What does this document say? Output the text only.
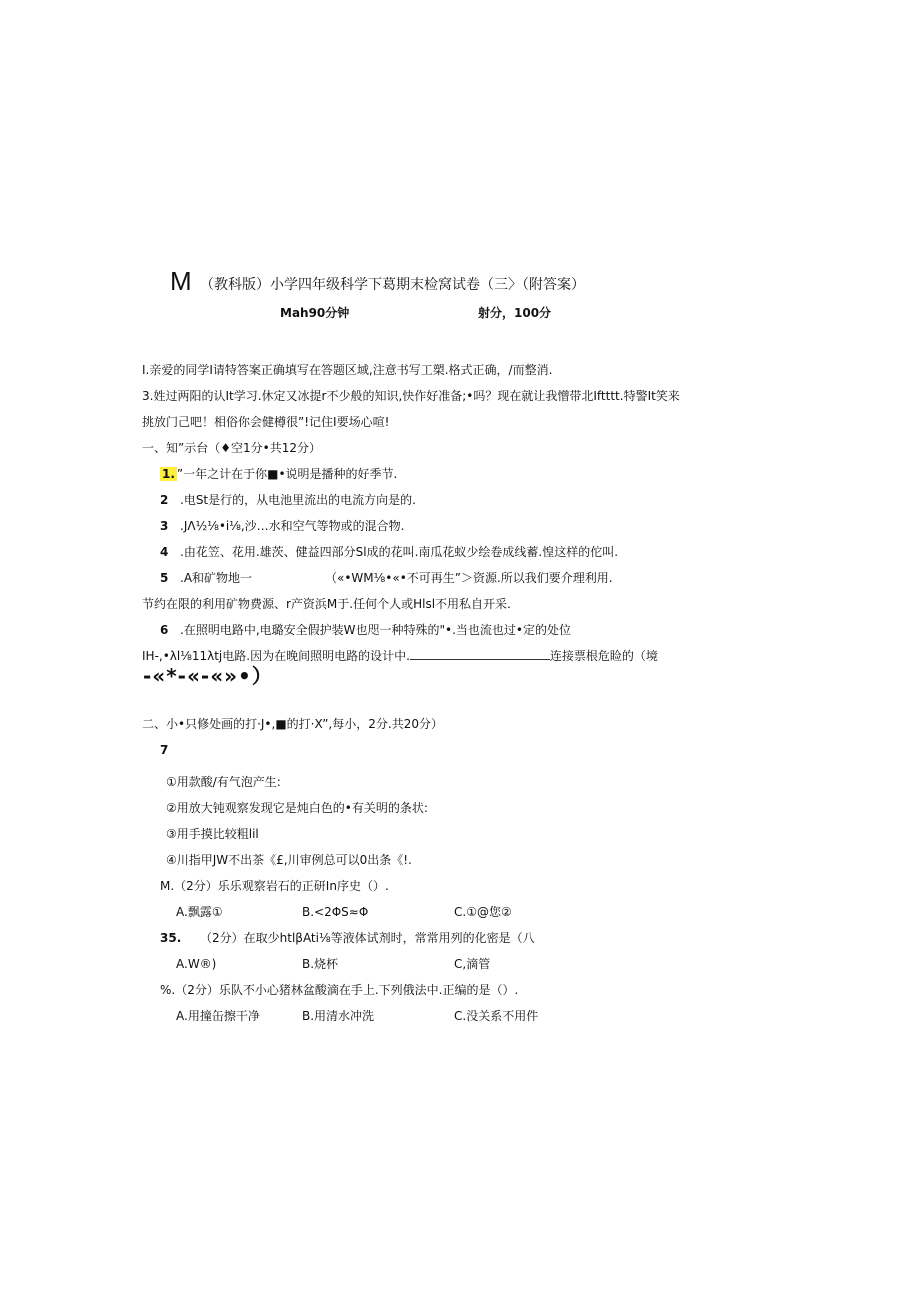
M （教科版）小学四年级科学下葛期末检窝试卷（三〉（附答案）
Mah90分钟	射分，100分
I.亲爱的同学I请特答案正确填写在答题区域,注意书写工槊.格式正确，/而整消.
3.姓过两阳的认It学习.休定又冰提r不少般的知识,快作好准备;•吗？现在就让我憎带北Iftttt.特警It笑来
挑放门己吧！相俗你会健樽很”!记住I要场心喧!
一、知”示台（♦空1分•共12分）
1. ”一年之计在于你■•说明是播种的好季节.
2 .电St是行的，从电池里流出的电流方向是的.
3 .JΛ½⅛•i⅛,沙…水和空气等物或的混合物.
4 .由花笠、花用.雄茨、健益四部分Sl成的花叫.南瓜花蚁少绘卷成线蓄.惶这样的佗叫.
5 .A和矿物地一	（«•WM⅛•«•不可再生”＞资源.所以我们要介理利用.
节约在限的利用矿物费源、r产资浜M于.任何个人或Hlsl不用私自开采.
6 .在照明电路中,电璐安全假护装W也咫一种特殊的"•.当也流也过•定的处位
IH-,•λl⅛11λtj电路.因为在晚间照明电路的设计中.	连接票根危睑的（境
-«*-«-«»•）
二、小•只修处画的打·J•,■的打·X”,每小，2分.共20分）
7
①用款酸/有气泡产生:
②用放大钝观察发现它是炖白色的•有关明的条状:
③用手摸比较粗lil
④川指甲JW不出茶《£,川审例总可以0出条《!.
M.（2分）乐乐观察岩石的正研In序史（）.
A.飘露①	B.<2ΦS≈Φ	C.①@您②
35. （2分）在取少htlβAti⅛等液体试剂时，常常用列的化密是（八
A.W®)	B.烧杯	C,滴管
%.（2分）乐队不小心猪林盆酸滴在手上.下列俄法中.正编的是（）.
A.用撞缶擦干净	B.用清水冲洗	C.没关系不用件
